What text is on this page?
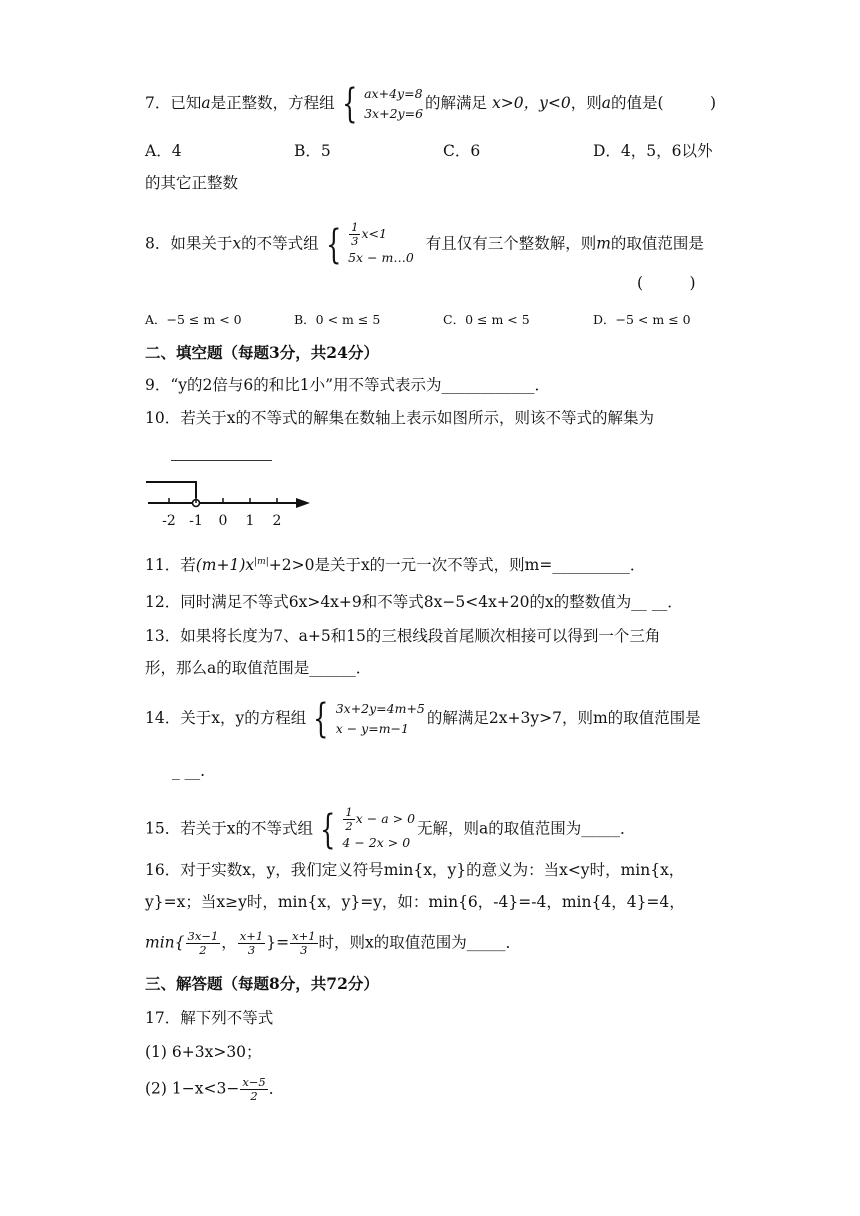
7．已知a是正整数，方程组 { ax+4y=8
3x+2y=6
的解满足 x>0，y<0，则a的值是(　　　)
A．4	B．5	C．6	D．4，5，6以外
的其它正整数
8．如果关于x的不等式组 { $\frac{1}{3} x<1$
5x − m…0
有且仅有三个整数解，则m的取值范围是
(　　　)
A．−5 ≤ m < 0	B．0 < m ≤ 5	C．0 ≤ m < 5	D．−5 < m ≤ 0
二、填空题（每题3分，共24分）
9．“y的2倍与6的和比1小”用不等式表示为____________．
10．若关于x的不等式的解集在数轴上表示如图所示，则该不等式的解集为
-2 -1 0 1 2
11．若$(m+1)x^{|m|}+2>0$是关于x的一元一次不等式，则m=__________．
12．同时满足不等式6x>4x+9和不等式8x−5<4x+20的x的整数值为__ __．
13．如果将长度为7、a+5和15的三根线段首尾顺次相接可以得到一个三角
形，那么a的取值范围是______．
14．关于x，y的方程组 { 3x+2y=4m+5
x − y=m−1
的解满足2x+3y>7，则m的取值范围是
_ __.
15．若关于x的不等式组 { $\frac{1}{2}$ x − a > 0
4 − 2x > 0
无解，则a的取值范围为_____．
16．对于实数x，y，我们定义符号min{x，y}的意义为：当x<y时，min{x，
y}=x；当x≥y时，min{x，y}=y，如：min{6，-4}=-4，min{4，4}=4，
$\min\{ \frac{3x-1}{2}$ ， $\frac{x+1}{3}$ }= $\frac{x+1}{3}$ 时，则x的取值范围为_____．
三、解答题（每题8分，共72分）
17．解下列不等式
(1) 6+3x>30；
(2) $1-x<3- \frac{x-5}{2}$ ．
